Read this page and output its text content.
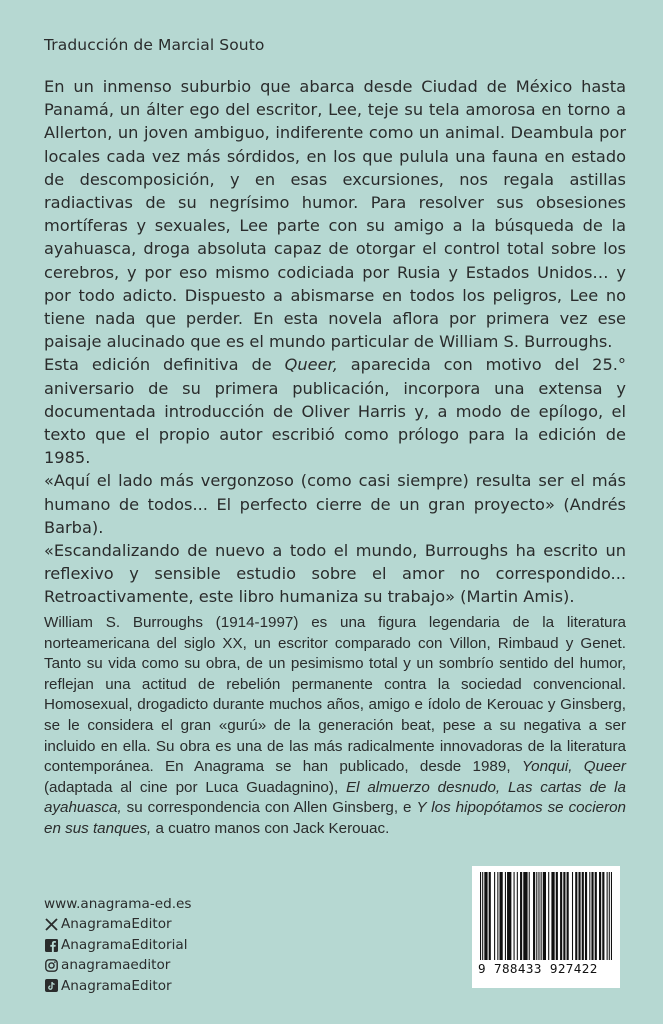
Traducción de Marcial Souto

En un inmenso suburbio que abarca desde Ciudad de México hasta Panamá, un álter ego del escritor, Lee, teje su tela amorosa en torno a Allerton, un joven ambiguo, indiferente como un animal. Deambula por locales cada vez más sórdidos, en los que pulula una fauna en estado de descomposición, y en esas excursiones, nos regala astillas radiactivas de su negrísimo humor. Para resolver sus obsesiones mortíferas y sexuales, Lee parte con su amigo a la búsqueda de la ayahuasca, droga absoluta capaz de otorgar el control total sobre los cerebros, y por eso mismo codiciada por Rusia y Estados Unidos… y por todo adicto. Dispuesto a abismarse en todos los peligros, Lee no tiene nada que perder. En esta novela aflora por primera vez ese paisaje alucinado que es el mundo particular de William S. Burroughs.

Esta edición definitiva de Queer, aparecida con motivo del 25.° aniversario de su primera publicación, incorpora una extensa y documentada introducción de Oliver Harris y, a modo de epílogo, el texto que el propio autor escribió como prólogo para la edición de 1985.

«Aquí el lado más vergonzoso (como casi siempre) resulta ser el más humano de todos... El perfecto cierre de un gran proyecto» (Andrés Barba).

«Escandalizando de nuevo a todo el mundo, Burroughs ha escrito un reflexivo y sensible estudio sobre el amor no correspondido... Retroactivamente, este libro humaniza su trabajo» (Martin Amis).

William S. Burroughs (1914-1997) es una figura legendaria de la literatura norteamericana del siglo XX, un escritor comparado con Villon, Rimbaud y Genet. Tanto su vida como su obra, de un pesimismo total y un sombrío sentido del humor, reflejan una actitud de rebelión permanente contra la sociedad convencional. Homosexual, drogadicto durante muchos años, amigo e ídolo de Kerouac y Ginsberg, se le considera el gran «gurú» de la generación beat, pese a su negativa a ser incluido en ella. Su obra es una de las más radicalmente innovadoras de la literatura contemporánea. En Anagrama se han publicado, desde 1989, Yonqui, Queer (adaptada al cine por Luca Guadagnino), El almuerzo desnudo, Las cartas de la ayahuasca, su correspondencia con Allen Ginsberg, e Y los hipopótamos se cocieron en sus tanques, a cuatro manos con Jack Kerouac.

www.anagrama-ed.es
AnagramaEditor
AnagramaEditorial
anagramaeditor
AnagramaEditor
9 788433 927422
